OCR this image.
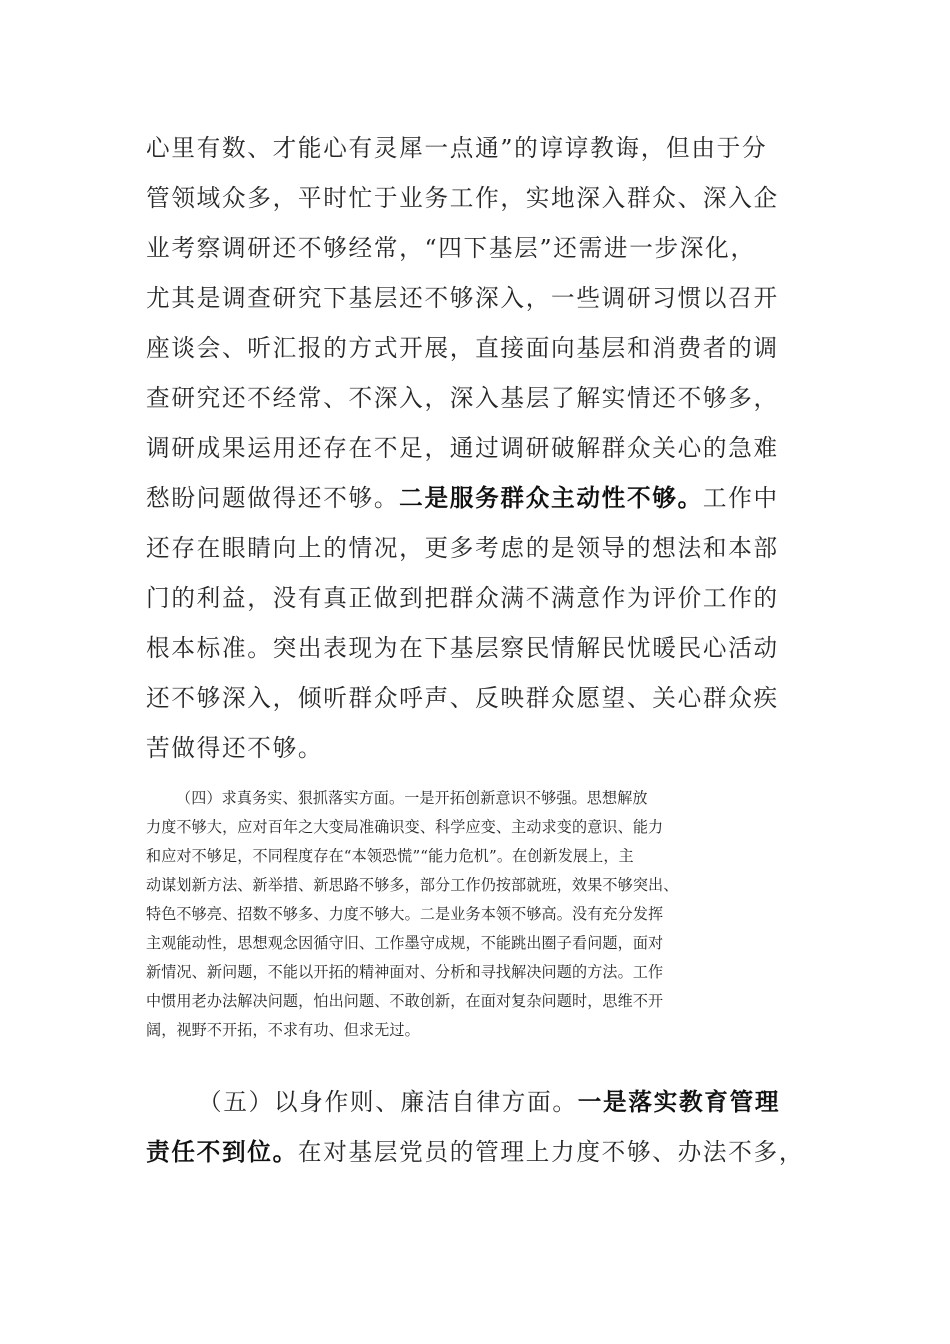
心里有数、才能心有灵犀一点通”的谆谆教诲，但由于分

管领域众多，平时忙于业务工作，实地深入群众、深入企

业考察调研还不够经常，“四下基层”还需进一步深化，

尤其是调查研究下基层还不够深入，一些调研习惯以召开

座谈会、听汇报的方式开展，直接面向基层和消费者的调

查研究还不经常、不深入，深入基层了解实情还不够多，

调研成果运用还存在不足，通过调研破解群众关心的急难

愁盼问题做得还不够。二是服务群众主动性不够。工作中

还存在眼睛向上的情况，更多考虑的是领导的想法和本部

门的利益，没有真正做到把群众满不满意作为评价工作的

根本标准。突出表现为在下基层察民情解民忧暖民心活动

还不够深入，倾听群众呼声、反映群众愿望、关心群众疾

苦做得还不够。

（四）求真务实、狠抓落实方面。一是开拓创新意识不够强。思想解放

力度不够大，应对百年之大变局准确识变、科学应变、主动求变的意识、能力

和应对不够足，不同程度存在“本领恐慌”“能力危机”。在创新发展上，主

动谋划新方法、新举措、新思路不够多，部分工作仍按部就班，效果不够突出、

特色不够亮、招数不够多、力度不够大。二是业务本领不够高。没有充分发挥

主观能动性，思想观念因循守旧、工作墨守成规，不能跳出圈子看问题，面对

新情况、新问题，不能以开拓的精神面对、分析和寻找解决问题的方法。工作

中惯用老办法解决问题，怕出问题、不敢创新，在面对复杂问题时，思维不开

阔，视野不开拓，不求有功、但求无过。

（五）以身作则、廉洁自律方面。一是落实教育管理

责任不到位。在对基层党员的管理上力度不够、办法不多，
